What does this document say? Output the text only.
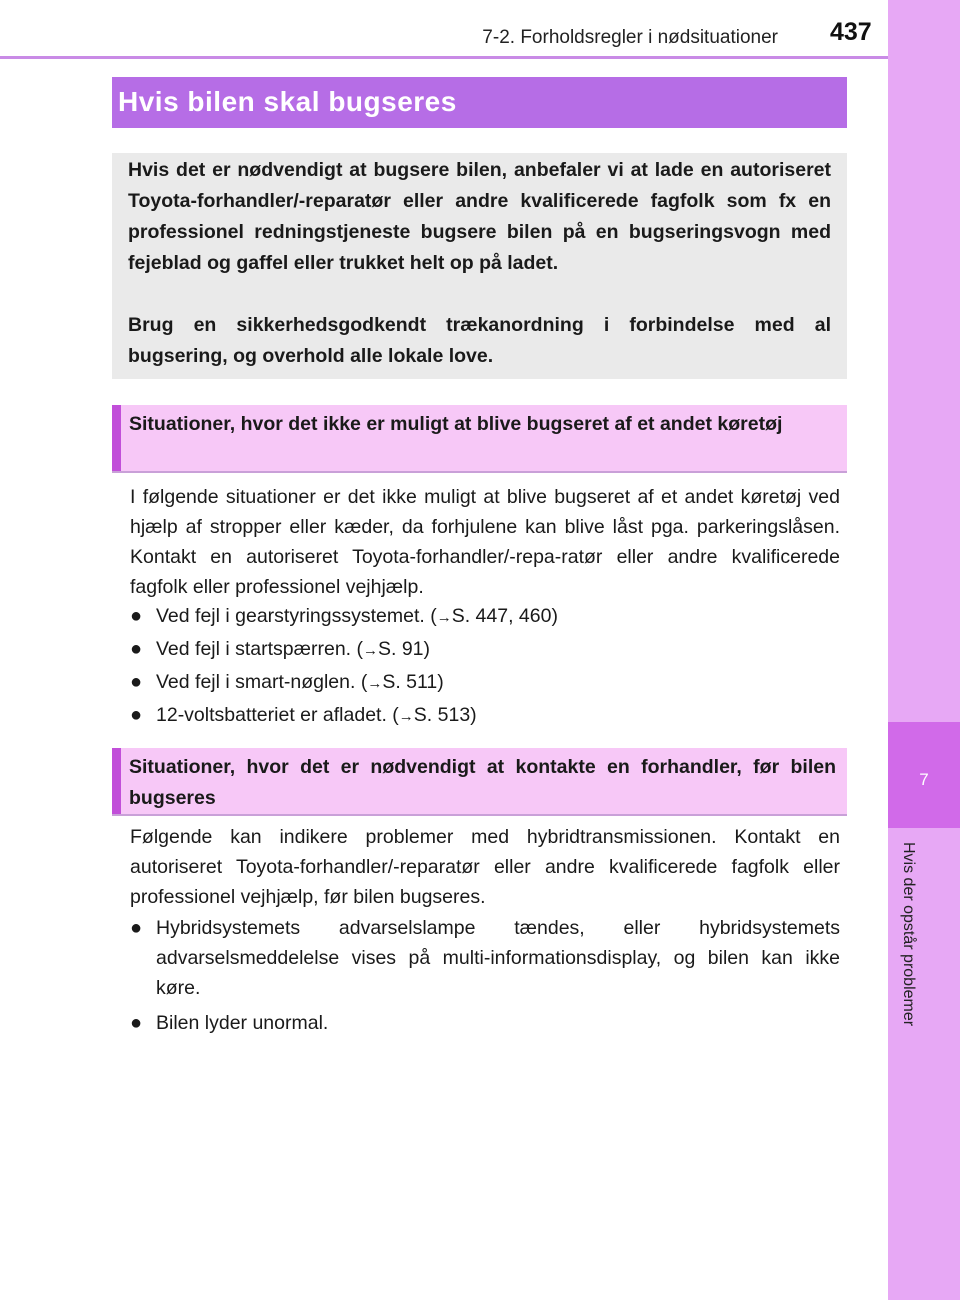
7-2. Forholdsregler i nødsituationer 437
7
Hvis der opstår problemer
Hvis bilen skal bugseres

Hvis det er nødvendigt at bugsere bilen, anbefaler vi at lade en autoriseret Toyota-forhandler/-reparatør eller andre kvalificerede fagfolk som fx en professionel redningstjeneste bugsere bilen på en bugseringsvogn med fejeblad og gaffel eller trukket helt op på ladet.

Brug en sikkerhedsgodkendt trækanordning i forbindelse med al bugsering, og overhold alle lokale love.

Situationer, hvor det ikke er muligt at blive bugseret af et andet køretøj

I følgende situationer er det ikke muligt at blive bugseret af et andet køretøj ved hjælp af stropper eller kæder, da forhjulene kan blive låst pga. parkeringslåsen. Kontakt en autoriseret Toyota-forhandler/-repa-ratør eller andre kvalificerede fagfolk eller professionel vejhjælp.

● Ved fejl i gearstyringssystemet. (→S. 447, 460)
● Ved fejl i startspærren. (→S. 91)
● Ved fejl i smart-nøglen. (→S. 511)
● 12-voltsbatteriet er afladet. (→S. 513)
Situationer, hvor det er nødvendigt at kontakte en forhandler, før bilen bugseres

Følgende kan indikere problemer med hybridtransmissionen. Kontakt en autoriseret Toyota-forhandler/-reparatør eller andre kvalificerede fagfolk eller professionel vejhjælp, før bilen bugseres.

● Hybridsystemets advarselslampe tændes, eller hybridsystemets advarselsmeddelelse vises på multi-informationsdisplay, og bilen kan ikke køre.
● Bilen lyder unormal.
